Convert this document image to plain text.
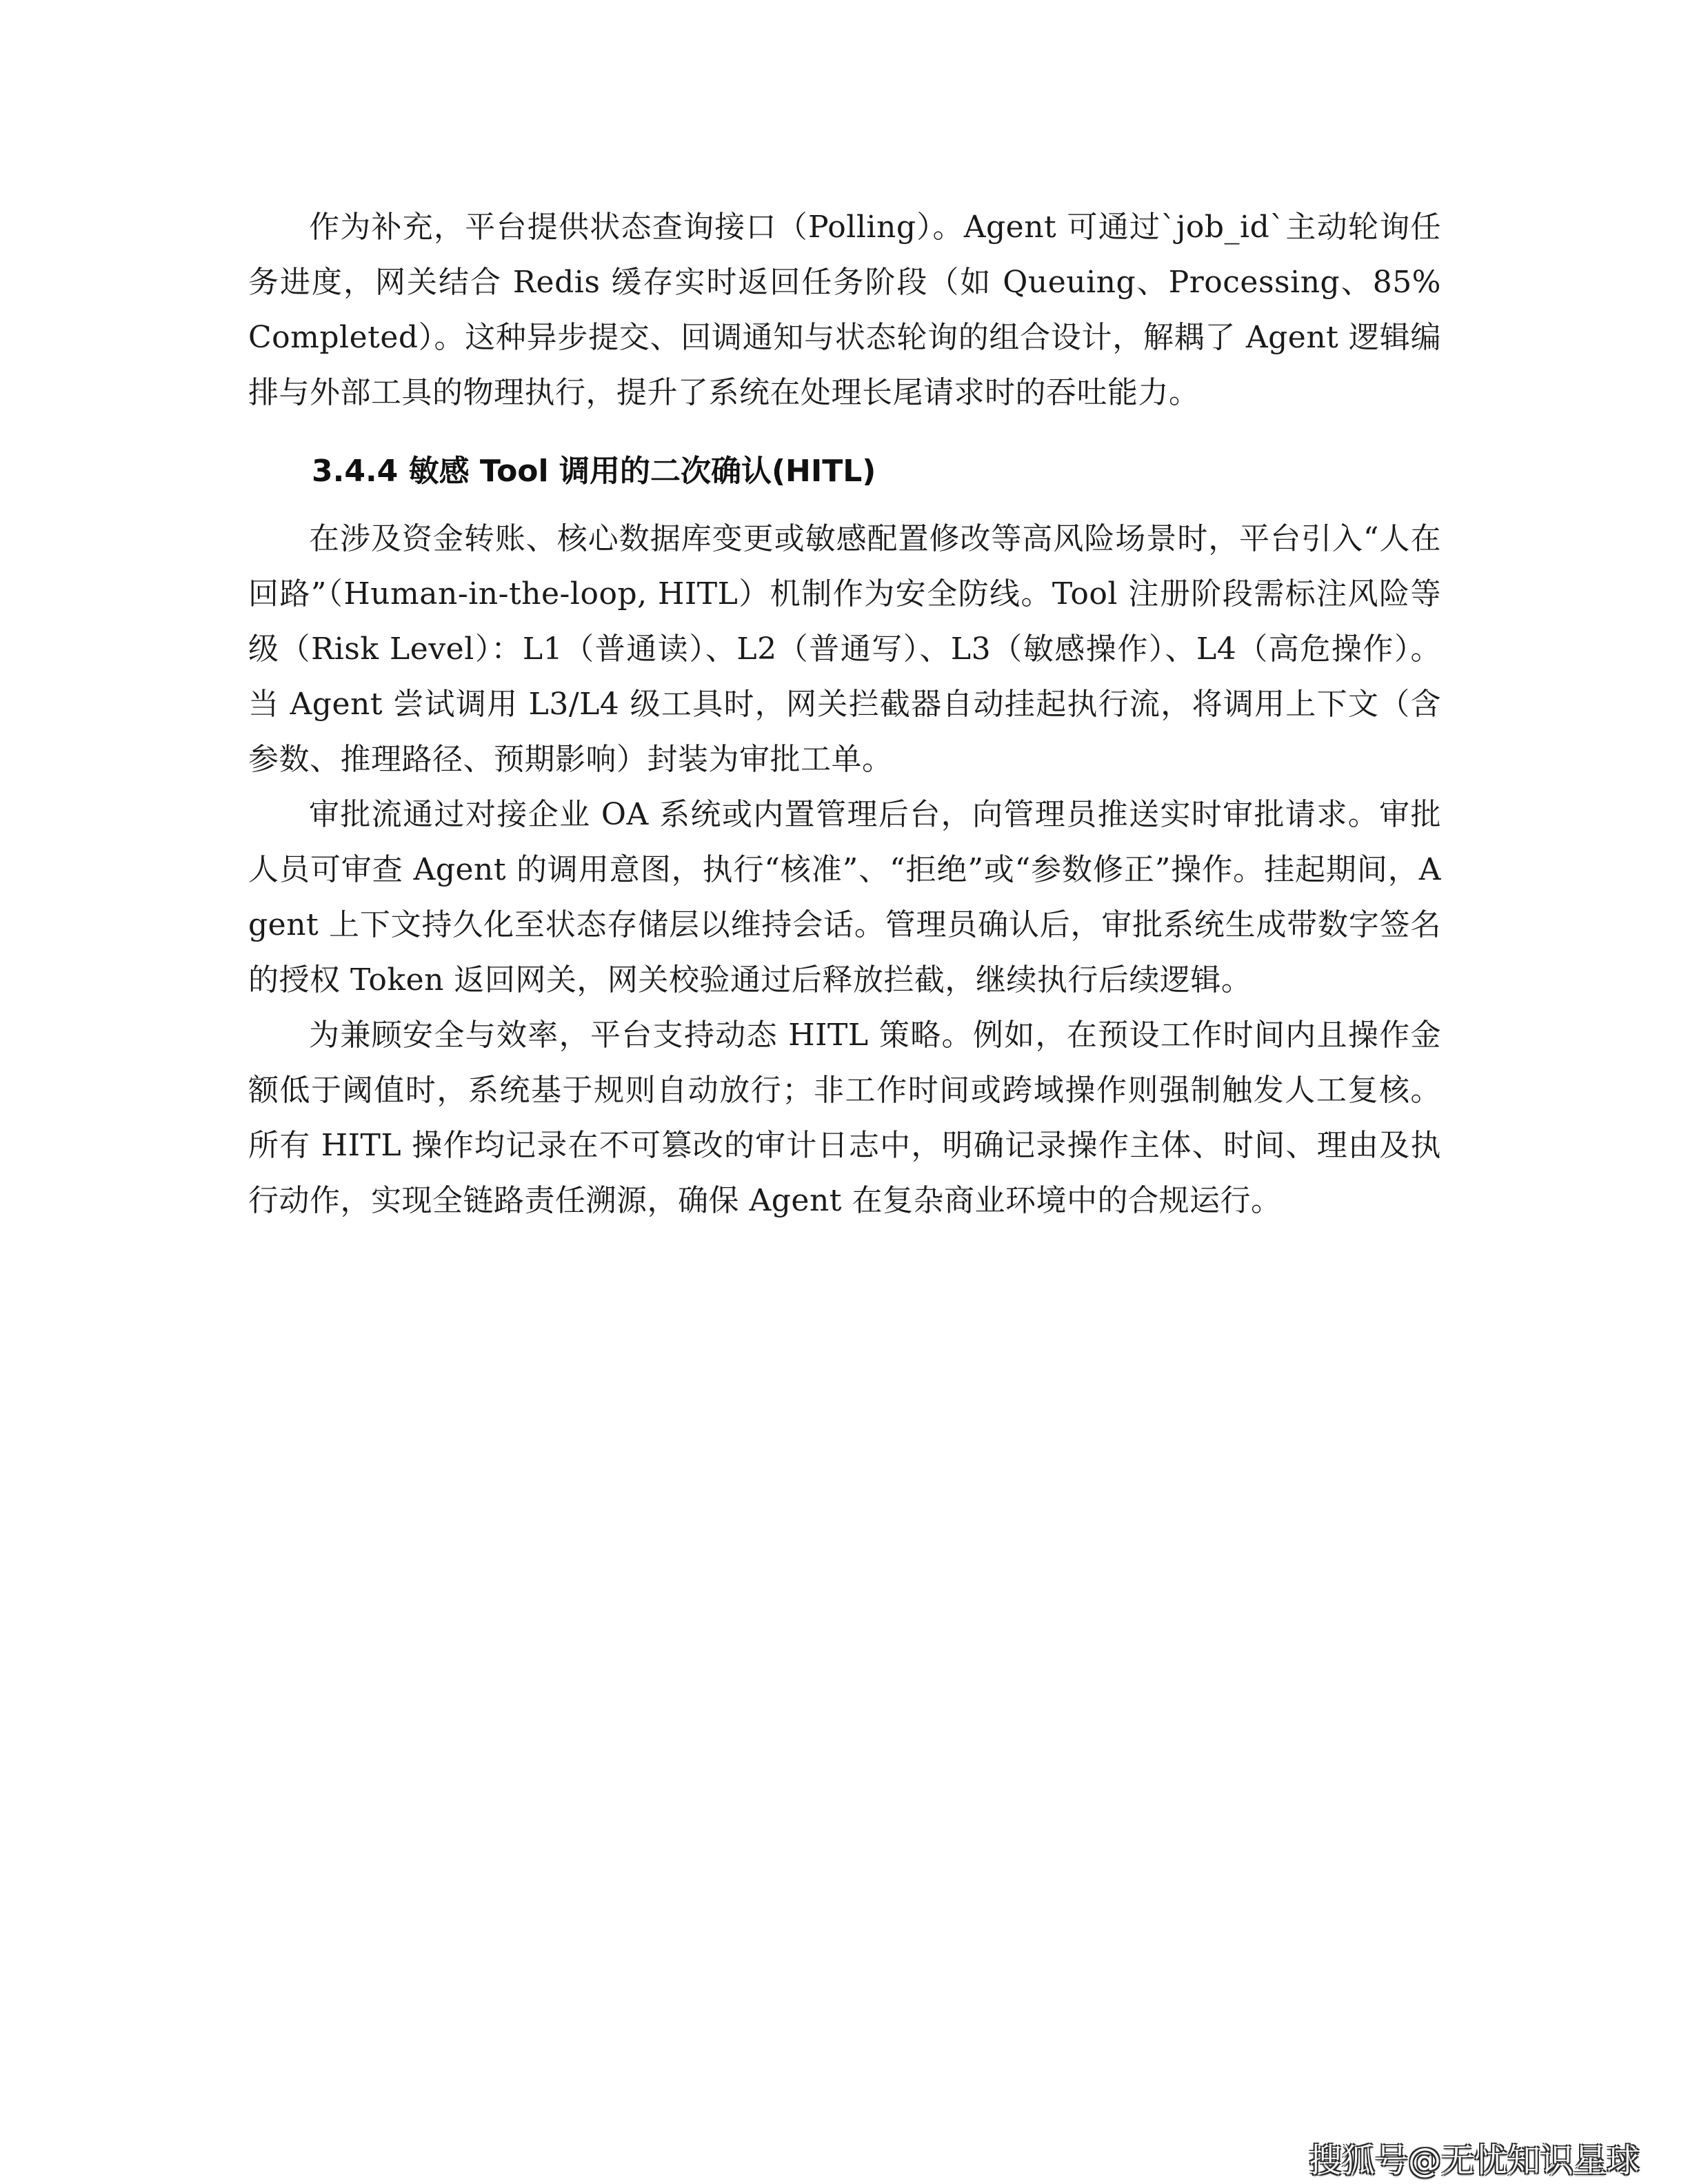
作为补充，平台提供状态查询接口（Polling）。Agent 可通过`job_id`主动轮询任务进度，网关结合 Redis 缓存实时返回任务阶段（如 Queuing、Processing、85% Completed）。这种异步提交、回调通知与状态轮询的组合设计，解耦了 Agent 逻辑编排与外部工具的物理执行，提升了系统在处理长尾请求时的吞吐能力。

3.4.4 敏感 Tool 调用的二次确认(HITL)

在涉及资金转账、核心数据库变更或敏感配置修改等高风险场景时，平台引入“人在回路”（Human-in-the-loop, HITL）机制作为安全防线。Tool 注册阶段需标注风险等级（Risk Level）：L1（普通读）、L2（普通写）、L3（敏感操作）、L4（高危操作）。当 Agent 尝试调用 L3/L4 级工具时，网关拦截器自动挂起执行流，将调用上下文（含参数、推理路径、预期影响）封装为审批工单。

审批流通过对接企业 OA 系统或内置管理后台，向管理员推送实时审批请求。审批人员可审查 Agent 的调用意图，执行“核准”、“拒绝”或“参数修正”操作。挂起期间，Agent 上下文持久化至状态存储层以维持会话。管理员确认后，审批系统生成带数字签名的授权 Token 返回网关，网关校验通过后释放拦截，继续执行后续逻辑。

为兼顾安全与效率，平台支持动态 HITL 策略。例如，在预设工作时间内且操作金额低于阈值时，系统基于规则自动放行；非工作时间或跨域操作则强制触发人工复核。所有 HITL 操作均记录在不可篡改的审计日志中，明确记录操作主体、时间、理由及执行动作，实现全链路责任溯源，确保 Agent 在复杂商业环境中的合规运行。

搜狐号@无忧知识星球
